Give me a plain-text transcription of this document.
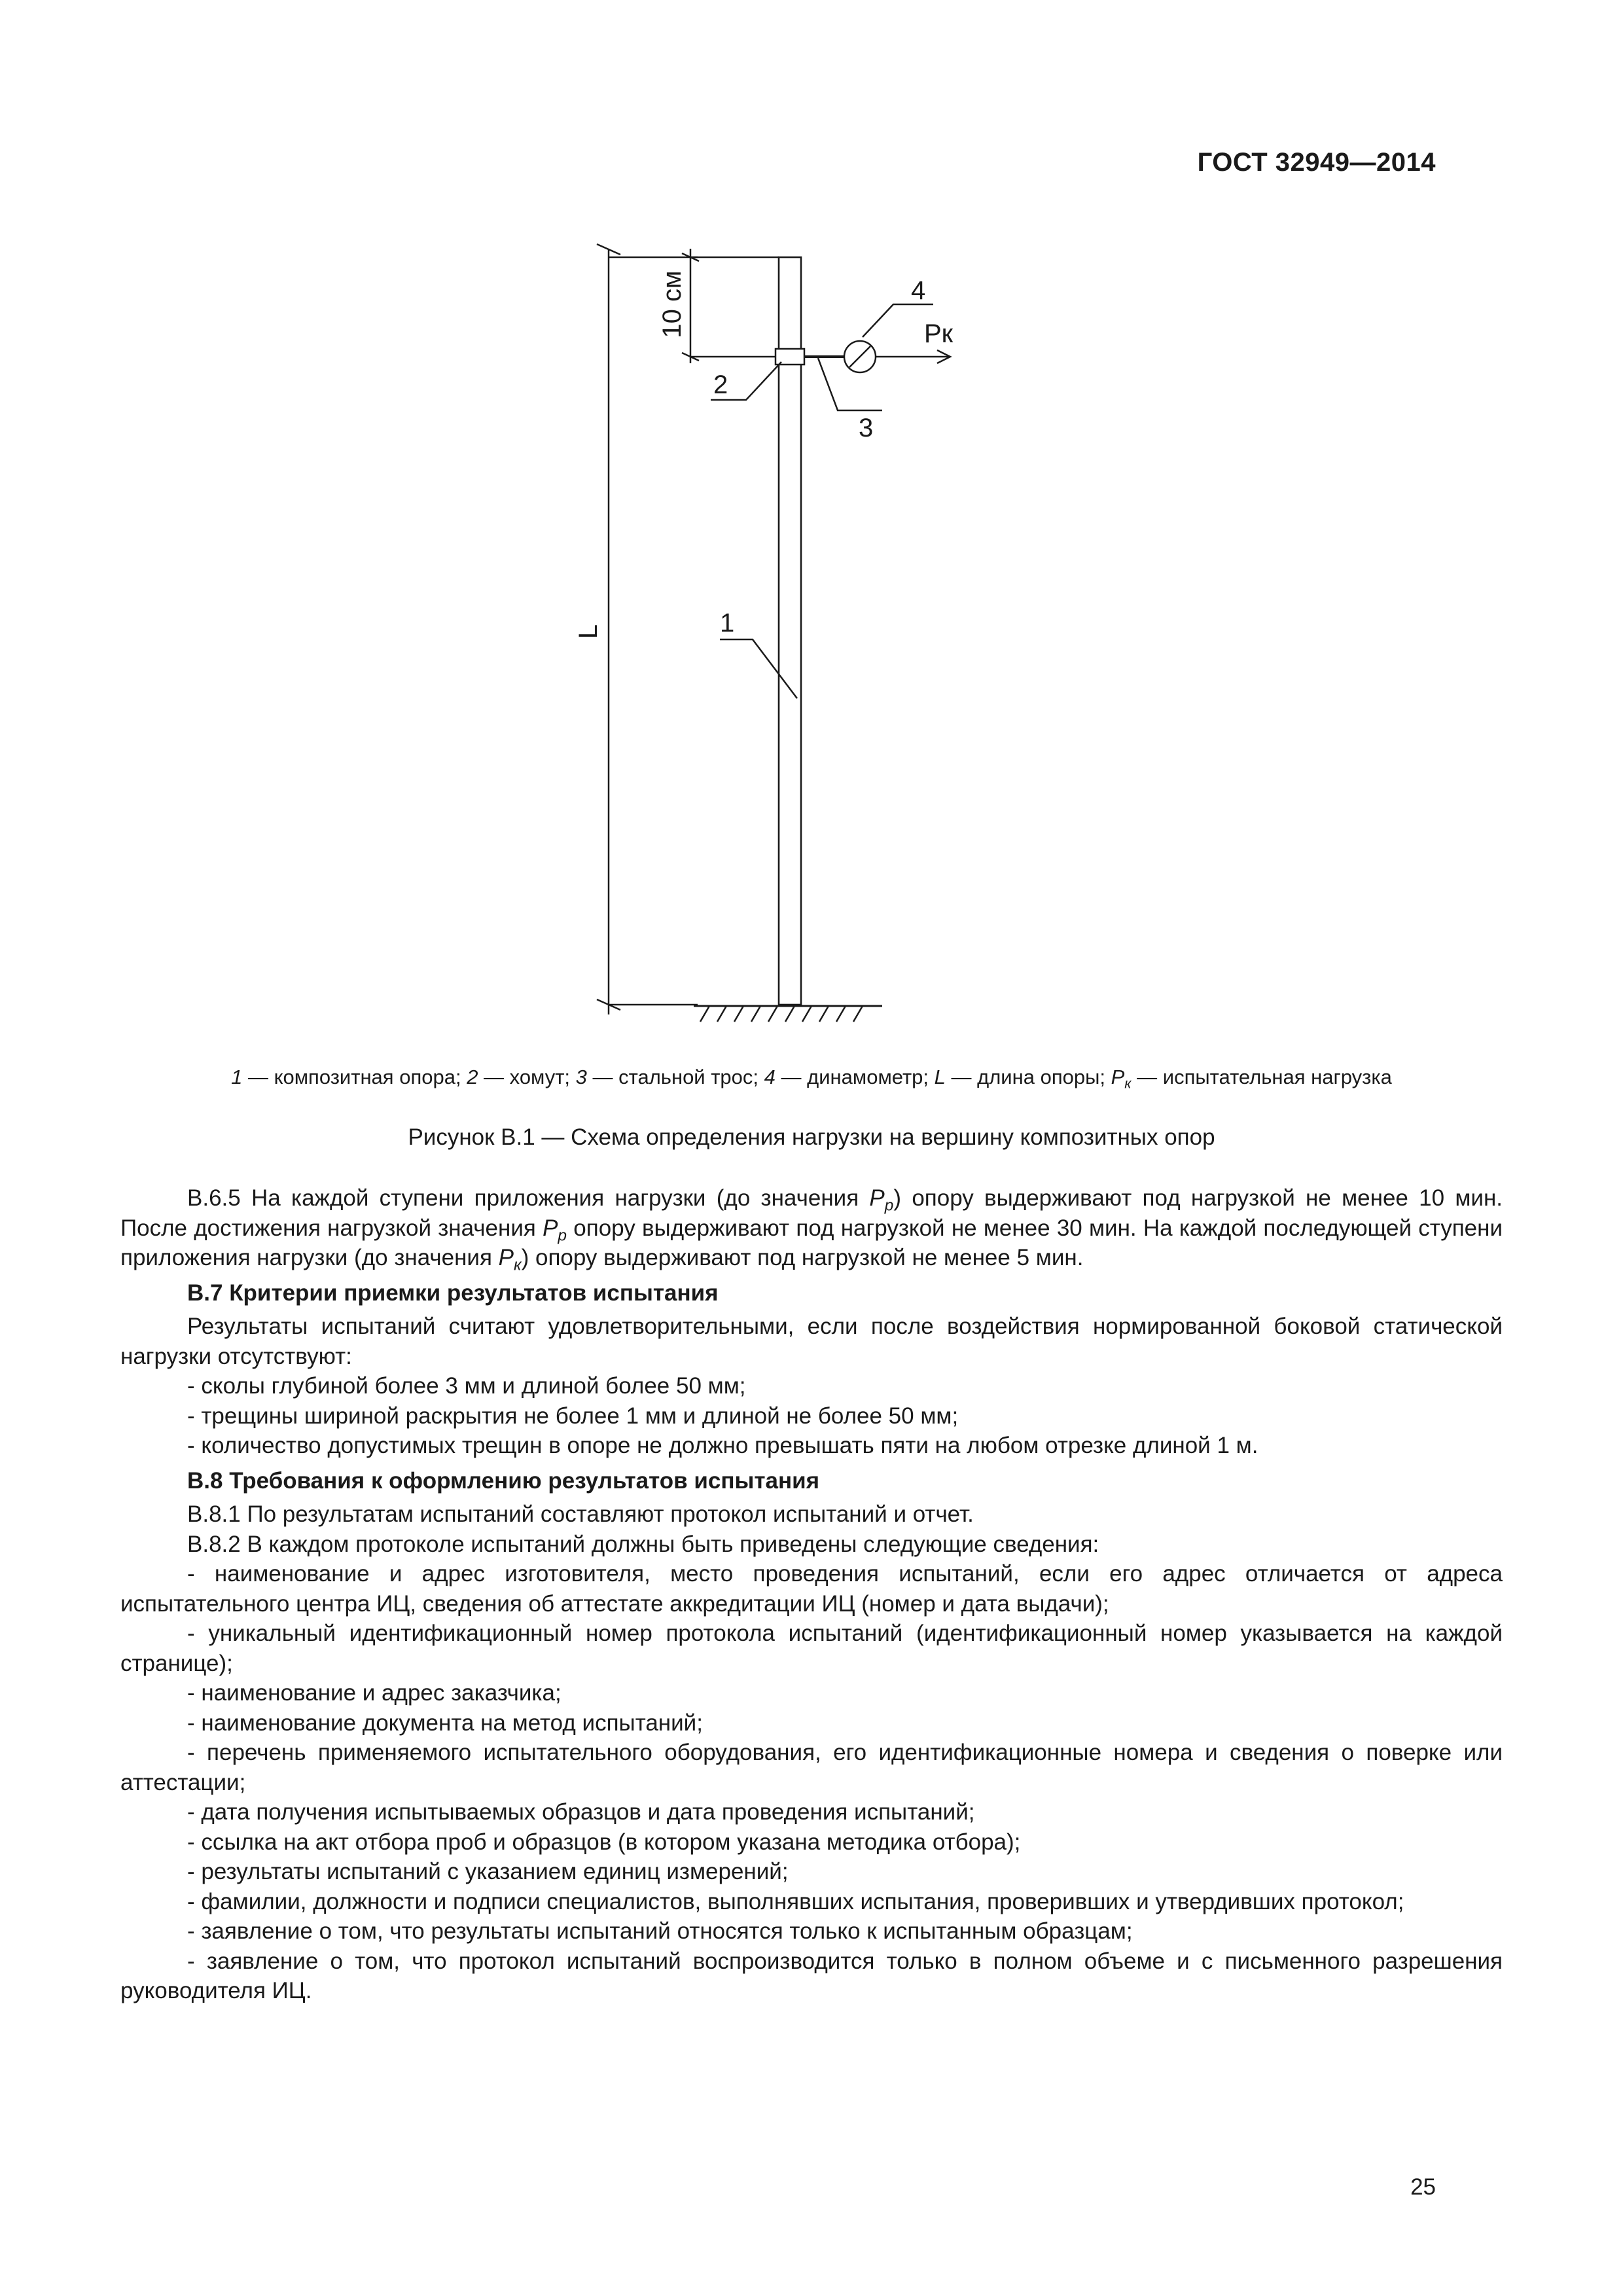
ГОСТ 32949—2014
10 см
L
4
2
3
1
Pк
1 — композитная опора; 2 — хомут; 3 — стальной трос; 4 — динамометр; L — длина опоры; $P_к$ — испытательная нагрузка
Рисунок В.1 — Схема определения нагрузки на вершину композитных опор

В.6.5 На каждой ступени приложения нагрузки (до значения $P_р$) опору выдерживают под нагрузкой не менее 10 мин. После достижения нагрузкой значения $P_р$ опору выдерживают под нагрузкой не менее 30 мин. На каждой последующей ступени приложения нагрузки (до значения $P_к$) опору выдерживают под нагрузкой не менее 5 мин.

В.7 Критерии приемки результатов испытания

Результаты испытаний считают удовлетворительными, если после воздействия нормированной боковой статической нагрузки отсутствуют:

- сколы глубиной более 3 мм и длиной более 50 мм;
- трещины шириной раскрытия не более 1 мм и длиной не более 50 мм;
- количество допустимых трещин в опоре не должно превышать пяти на любом отрезке длиной 1 м.
В.8 Требования к оформлению результатов испытания

В.8.1 По результатам испытаний составляют протокол испытаний и отчет.

В.8.2 В каждом протоколе испытаний должны быть приведены следующие сведения:

- наименование и адрес изготовителя, место проведения испытаний, если его адрес отличается от адреса испытательного центра ИЦ, сведения об аттестате аккредитации ИЦ (номер и дата выдачи);
- уникальный идентификационный номер протокола испытаний (идентификационный номер указывается на каждой странице);
- наименование и адрес заказчика;
- наименование документа на метод испытаний;
- перечень применяемого испытательного оборудования, его идентификационные номера и сведения о поверке или аттестации;
- дата получения испытываемых образцов и дата проведения испытаний;
- ссылка на акт отбора проб и образцов (в котором указана методика отбора);
- результаты испытаний с указанием единиц измерений;
- фамилии, должности и подписи специалистов, выполнявших испытания, проверивших и утвердивших протокол;
- заявление о том, что результаты испытаний относятся только к испытанным образцам;
- заявление о том, что протокол испытаний воспроизводится только в полном объеме и с письменного разрешения руководителя ИЦ.
25
